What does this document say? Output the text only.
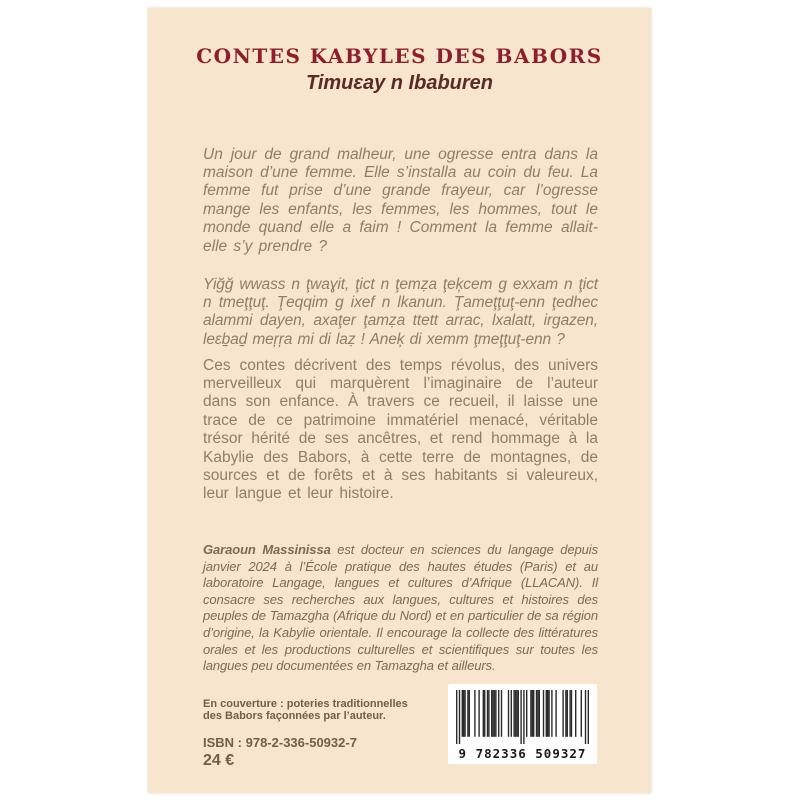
CONTES KABYLES DES BABORS
Timuɛay n Ibaburen

Un jour de grand malheur, une ogresse entra dans la maison d’une femme. Elle s’installa au coin du feu. La femme fut prise d’une grande frayeur, car l’ogresse mange les enfants, les femmes, les hommes, tout le monde quand elle a faim ! Comment la femme allait-elle s’y prendre ?

Yiğğ wwass n ţwaɣit, ţict n ţemẓa ţeķcem g exxam n ţict n tmeţţuţ. Ţeqqim g ixef n lkanun. Ţameţţuţ-enn ţedhec alammi dayen, axaţer ţamẓa ttett arrac, lxalatt, irgazen, leɛḇaḏ meŗŗa mi di laẓ ! Aneķ di xemm ţmeţţuţ-enn ?

Ces contes décrivent des temps révolus, des univers merveilleux qui marquèrent l’imaginaire de l’auteur dans son enfance. À travers ce recueil, il laisse une trace de ce patrimoine immatériel menacé, véritable trésor hérité de ses ancêtres, et rend hommage à la Kabylie des Babors, à cette terre de montagnes, de sources et de forêts et à ses habitants si valeureux, leur langue et leur histoire.

Garaoun Massinissa est docteur en sciences du langage depuis janvier 2024 à l’École pratique des hautes études (Paris) et au laboratoire Langage, langues et cultures d’Afrique (LLACAN). Il consacre ses recherches aux langues, cultures et histoires des peuples de Tamazgha (Afrique du Nord) et en particulier de sa région d’origine, la Kabylie orientale. Il encourage la collecte des littératures orales et les productions culturelles et scientifiques sur toutes les langues peu documentées en Tamazgha et ailleurs.

En couverture : poteries traditionnelles des Babors façonnées par l’auteur.
ISBN : 978-2-336-50932-7
24 €	9 782336 509327
